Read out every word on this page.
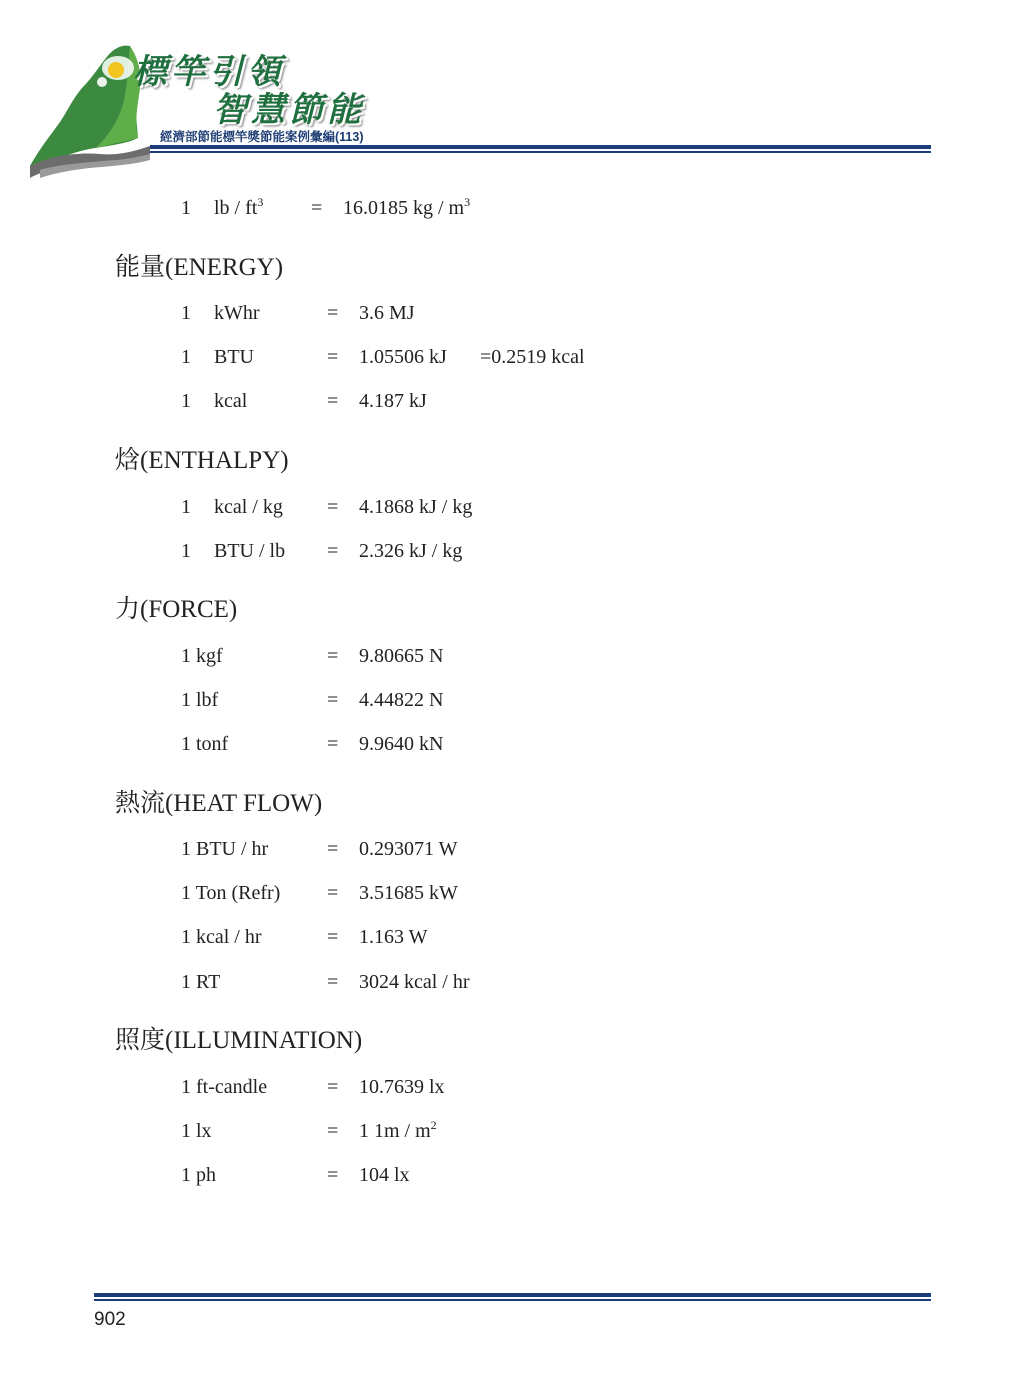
標竿引領
智慧節能
經濟部節能標竿獎節能案例彙編(113)
1 lb / $ft^3 = 16.0185$ kg / $m^3$
能量(ENERGY)
1 kWhr	= 3.6 MJ
1 BTU	= 1.05506 kJ =0.2519 kcal
1 kcal	= 4.187 kJ
焓(ENTHALPY)
1 kcal / kg = 4.1868 kJ / kg
1 BTU / lb = 2.326 kJ / kg
力(FORCE)
1 kgf	= 9.80665 N
1 lbf	= 4.44822 N
1 tonf	= 9.9640 kN
熱流(HEAT FLOW)
1 BTU / hr	= 0.293071 W
1 Ton (Refr) = 3.51685 kW
1 kcal / hr	= 1.163 W
1 RT	= 3024 kcal / hr
照度(ILLUMINATION)
1 ft-candle	= 10.7639 lx
1 lx	= 1 $1m / m^2$
1 ph	= 104 lx
902
